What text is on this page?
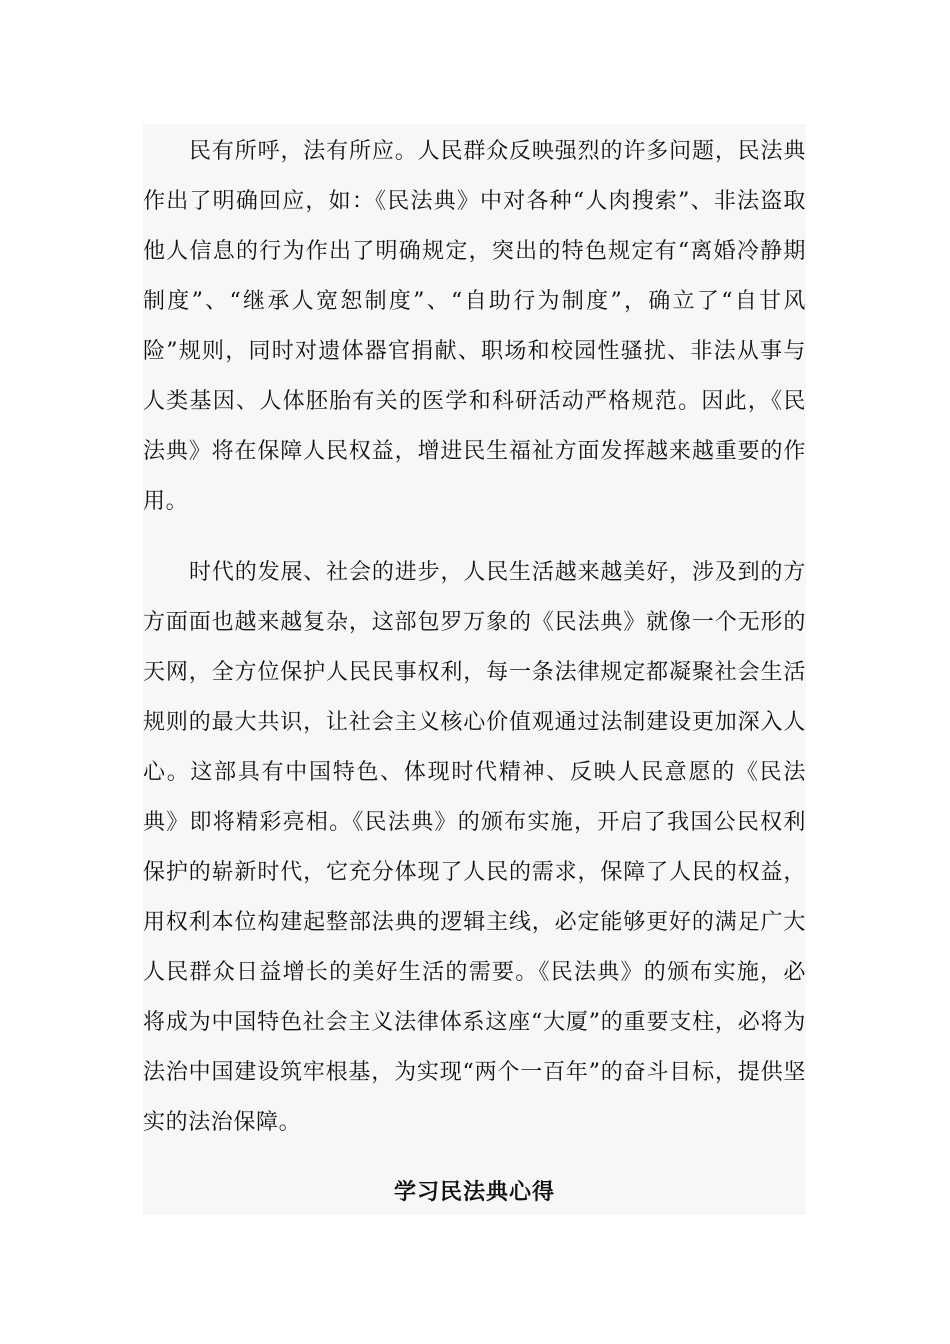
民有所呼，法有所应。人民群众反映强烈的许多问题，民法典作出了明确回应，如：《民法典》中对各种“人肉搜索”、非法盗取他人信息的行为作出了明确规定，突出的特色规定有“离婚冷静期制度”、“继承人宽恕制度”、“自助行为制度”，确立了“自甘风险”规则，同时对遗体器官捐献、职场和校园性骚扰、非法从事与人类基因、人体胚胎有关的医学和科研活动严格规范。因此，《民法典》将在保障人民权益，增进民生福祉方面发挥越来越重要的作用。

时代的发展、社会的进步，人民生活越来越美好，涉及到的方方面面也越来越复杂，这部包罗万象的《民法典》就像一个无形的天网，全方位保护人民民事权利，每一条法律规定都凝聚社会生活规则的最大共识，让社会主义核心价值观通过法制建设更加深入人心。这部具有中国特色、体现时代精神、反映人民意愿的《民法典》即将精彩亮相。《民法典》的颁布实施，开启了我国公民权利保护的崭新时代，它充分体现了人民的需求，保障了人民的权益，用权利本位构建起整部法典的逻辑主线，必定能够更好的满足广大人民群众日益增长的美好生活的需要。《民法典》的颁布实施，必将成为中国特色社会主义法律体系这座“大厦”的重要支柱，必将为法治中国建设筑牢根基，为实现“两个一百年”的奋斗目标，提供坚实的法治保障。

学习民法典心得
